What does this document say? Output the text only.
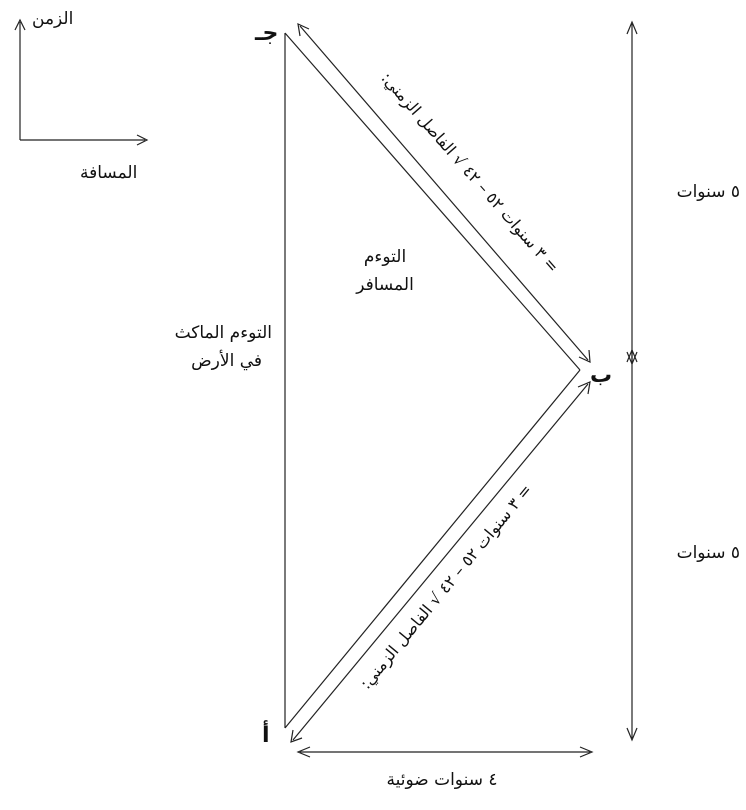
الزمن
المسافة
جـ
ب
أ
التوءم الماكث
في الأرض
التوءم
المسافر
= ٣ سنوات ٥٢ – ٤٢ √ الفاصل الزمني:
= ٣ سنوات ٥٢ – ٤٢ √ الفاصل الزمني:
٥ سنوات
٥ سنوات
٤ سنوات ضوئية
